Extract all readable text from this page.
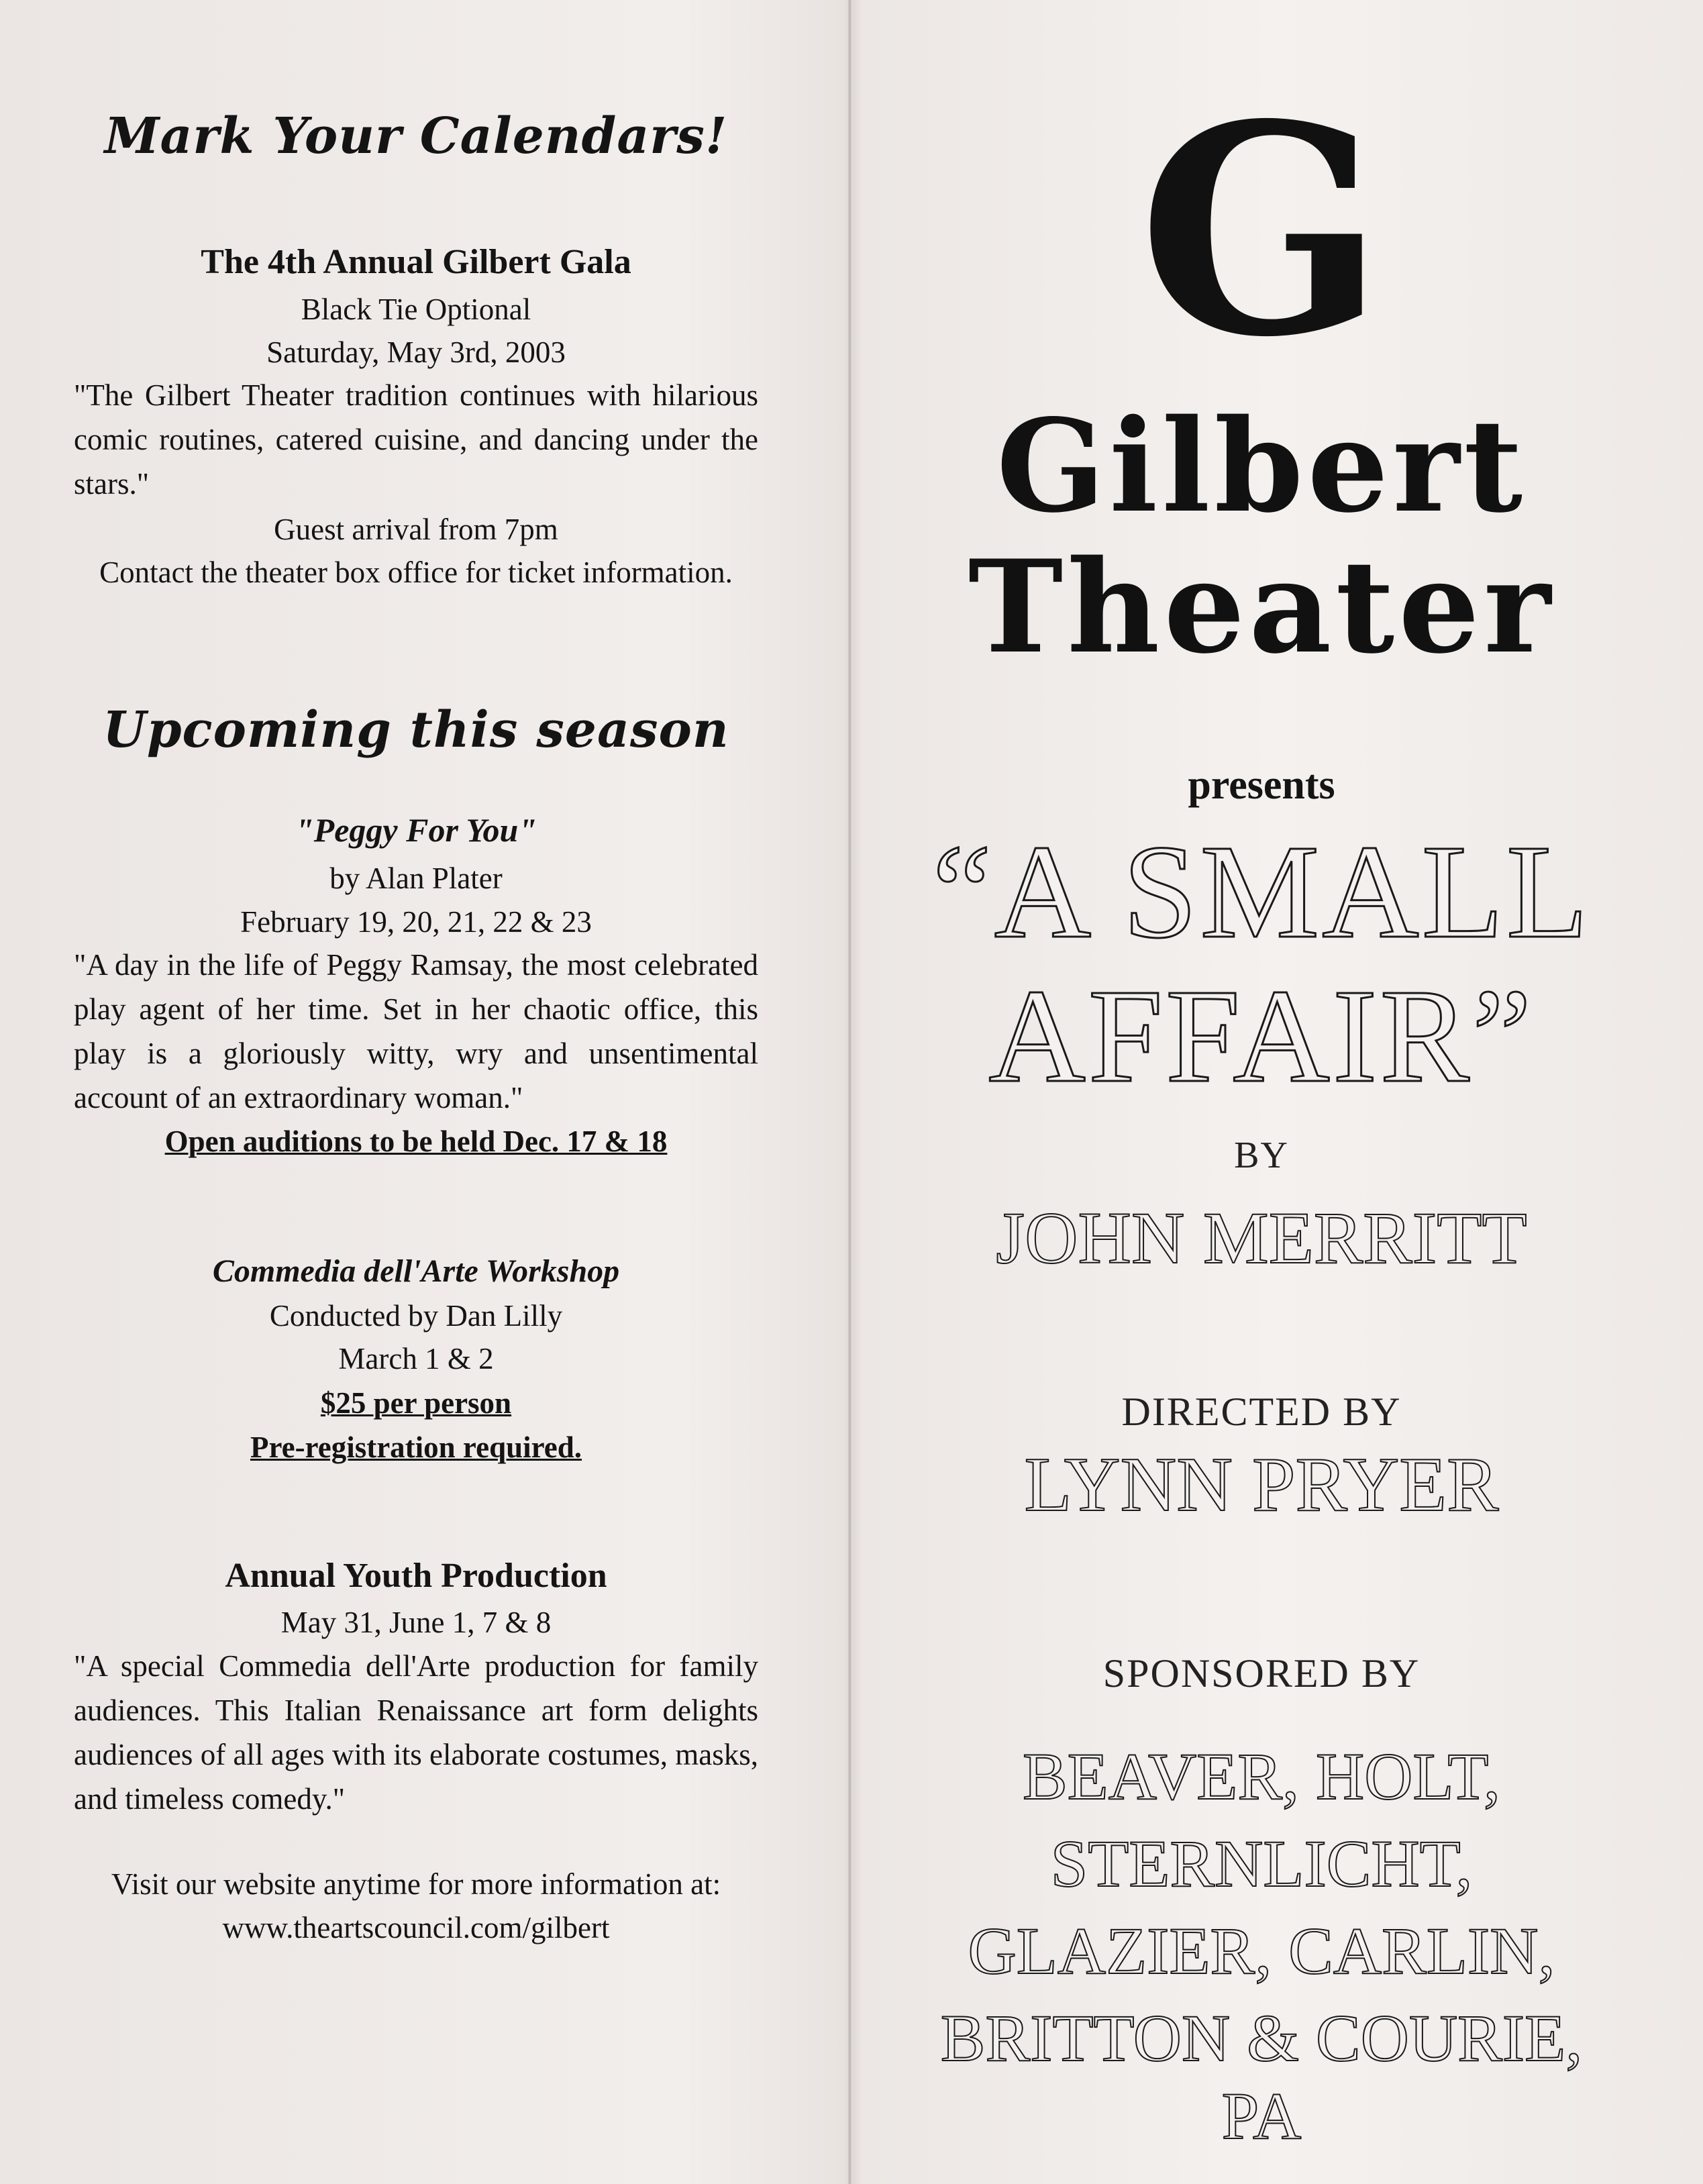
Mark Your Calendars!
The 4th Annual Gilbert Gala
Black Tie Optional
Saturday, May 3rd, 2003
"The Gilbert Theater tradition continues with hilarious comic routines, catered cuisine, and dancing under the stars."
Guest arrival from 7pm
Contact the theater box office for ticket information.
Upcoming this season
"Peggy For You"
by Alan Plater
February 19, 20, 21, 22 & 23
"A day in the life of Peggy Ramsay, the most celebrated play agent of her time. Set in her chaotic office, this play is a gloriously witty, wry and unsentimental account of an extraordinary woman."
Open auditions to be held Dec. 17 & 18
Commedia dell'Arte Workshop
Conducted by Dan Lilly
March 1 & 2
$25 per person
Pre-registration required.
Annual Youth Production
May 31, June 1, 7 & 8
"A special Commedia dell'Arte production for family audiences. This Italian Renaissance art form delights audiences of all ages with its elaborate costumes, masks, and timeless comedy."
Visit our website anytime for more information at:
www.theartscouncil.com/gilbert
G
Gilbert
Theater
presents
“A SMALL
AFFAIR”
BY
JOHN MERRITT
DIRECTED BY
LYNN PRYER
SPONSORED BY
BEAVER, HOLT,
STERNLICHT,
GLAZIER, CARLIN,
BRITTON & COURIE, PA
